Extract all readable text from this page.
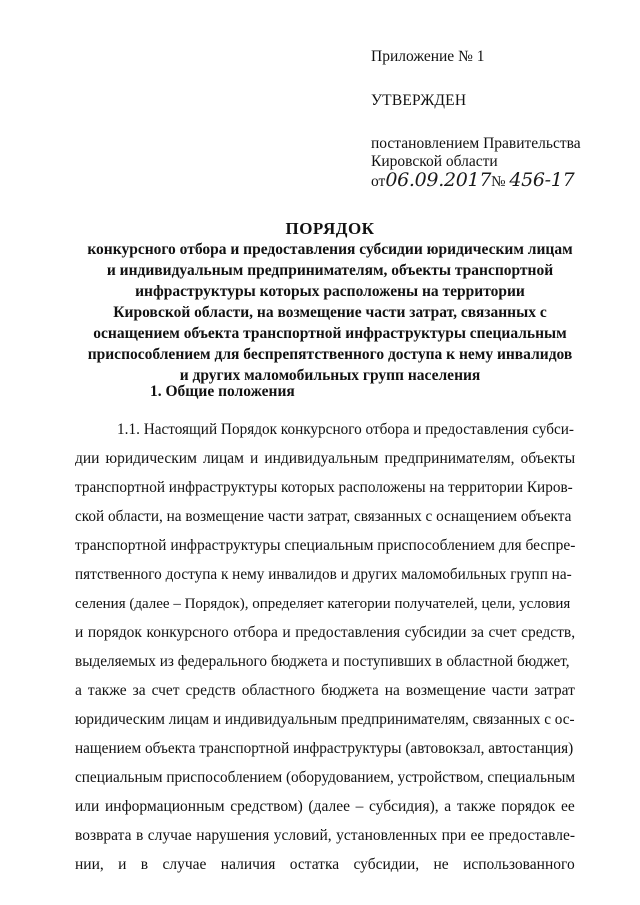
Приложение № 1

УТВЕРЖДЕН

постановлением Правительства

Кировской области

от06.09.2017№ 456-17

ПОРЯДОК
конкурсного отбора и предоставления субсидии юридическим лицам
и индивидуальным предпринимателям, объекты транспортной
инфраструктуры которых расположены на территории
Кировской области, на возмещение части затрат, связанных с
оснащением объекта транспортной инфраструктуры специальным
приспособлением для беспрепятственного доступа к нему инвалидов
и других маломобильных групп населения
1. Общие положения
1.1. Настоящий Порядок конкурсного отбора и предоставления субси-
дии юридическим лицам и индивидуальным предпринимателям, объекты
транспортной инфраструктуры которых расположены на территории Киров-
ской области, на возмещение части затрат, связанных с оснащением объекта
транспортной инфраструктуры специальным приспособлением для беспре-
пятственного доступа к нему инвалидов и других маломобильных групп на-
селения (далее – Порядок), определяет категории получателей, цели, условия
и порядок конкурсного отбора и предоставления субсидии за счет средств,
выделяемых из федерального бюджета и поступивших в областной бюджет,
а также за счет средств областного бюджета на возмещение части затрат
юридическим лицам и индивидуальным предпринимателям, связанных с ос-
нащением объекта транспортной инфраструктуры (автовокзал, автостанция)
специальным приспособлением (оборудованием, устройством, специальным
или информационным средством) (далее – субсидия), а также порядок ее
возврата в случае нарушения условий, установленных при ее предоставле-
нии, и в случае наличия остатка субсидии, не использованного
